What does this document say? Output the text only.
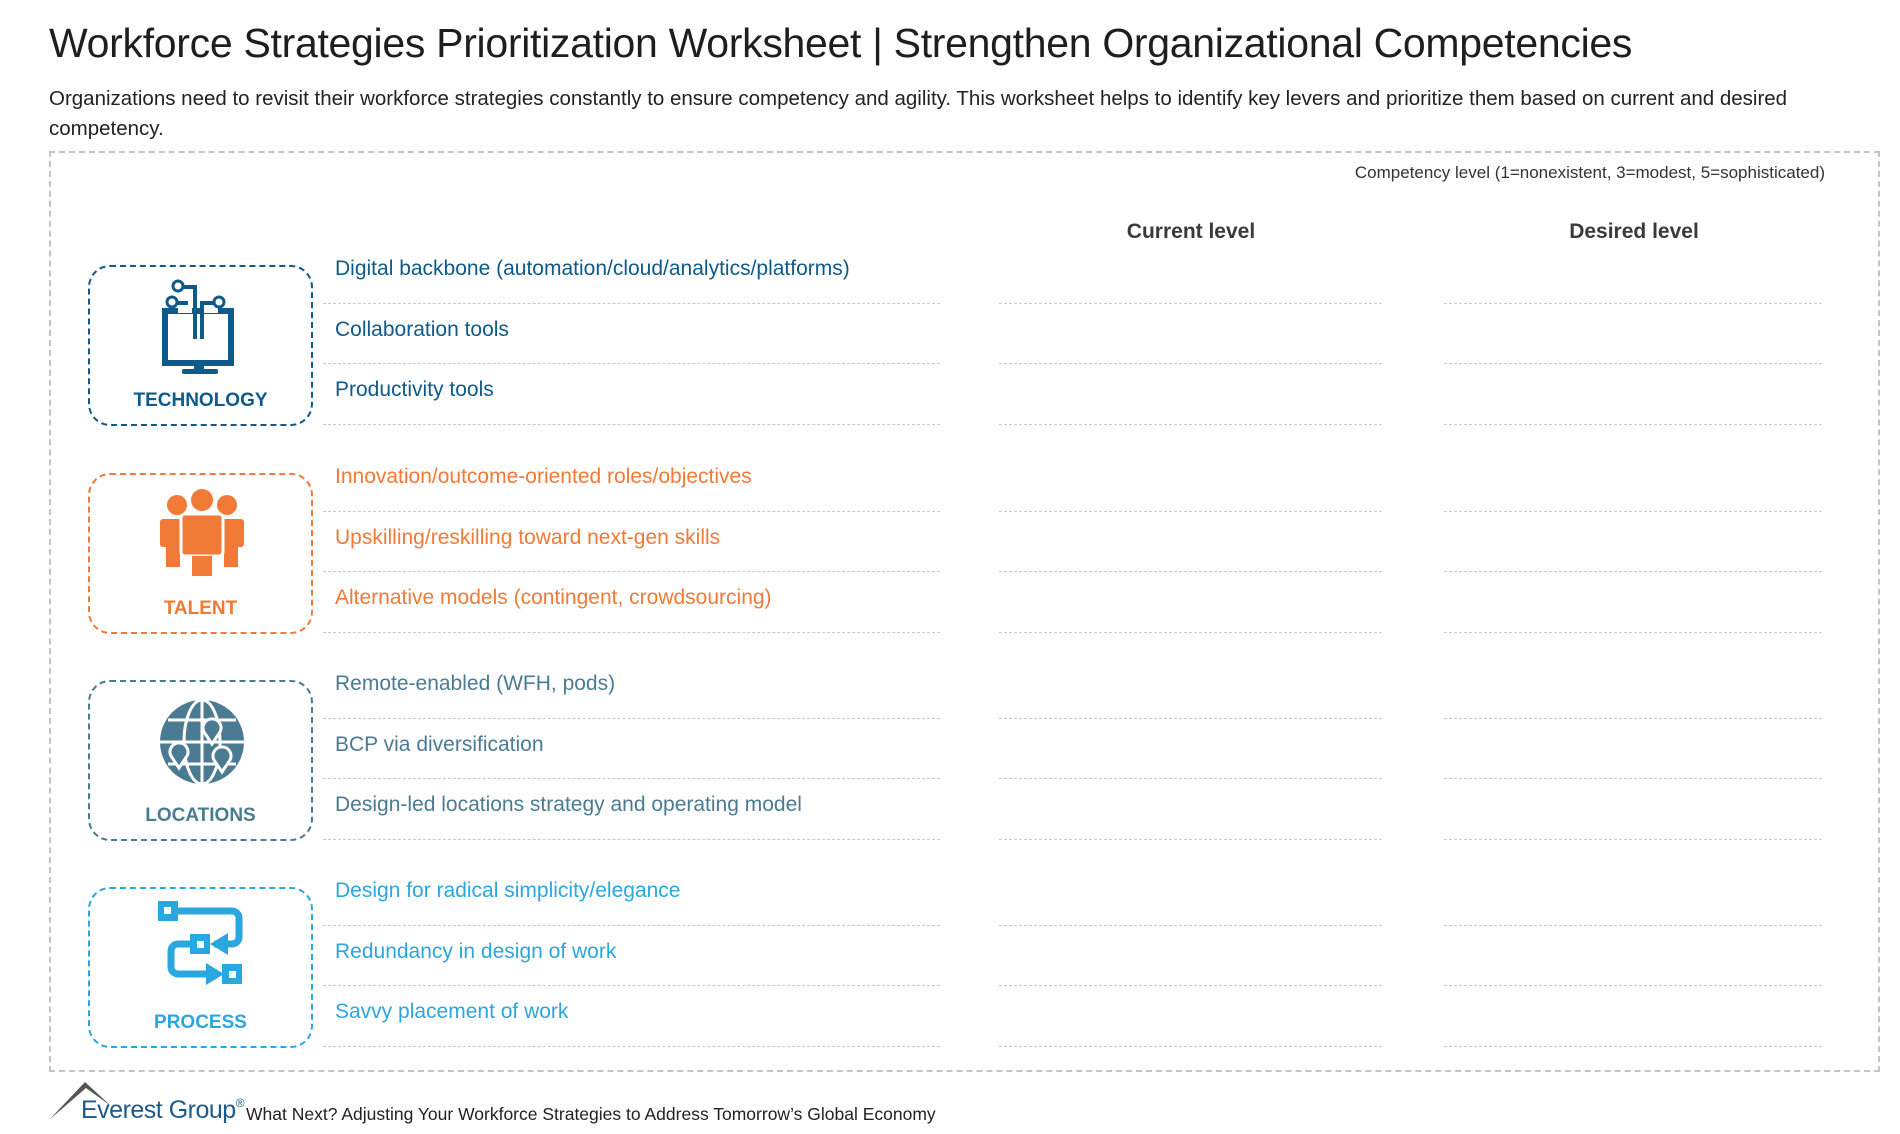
Workforce Strategies Prioritization Worksheet | Strengthen Organizational Competencies
Organizations need to revisit their workforce strategies constantly to ensure competency and agility. This worksheet helps to identify key levers and prioritize them based on current and desired competency.
Competency level (1=nonexistent, 3=modest, 5=sophisticated)
Current level	Desired level
TECHNOLOGY
Digital backbone (automation/cloud/analytics/platforms)
Collaboration tools
Productivity tools
TALENT
Innovation/outcome-oriented roles/objectives
Upskilling/reskilling toward next-gen skills
Alternative models (contingent, crowdsourcing)
LOCATIONS
Remote-enabled (WFH, pods)
BCP via diversification
Design-led locations strategy and operating model
PROCESS
Design for radical simplicity/elegance
Redundancy in design of work
Savvy placement of work
Everest Group®
What Next? Adjusting Your Workforce Strategies to Address Tomorrow’s Global Economy
